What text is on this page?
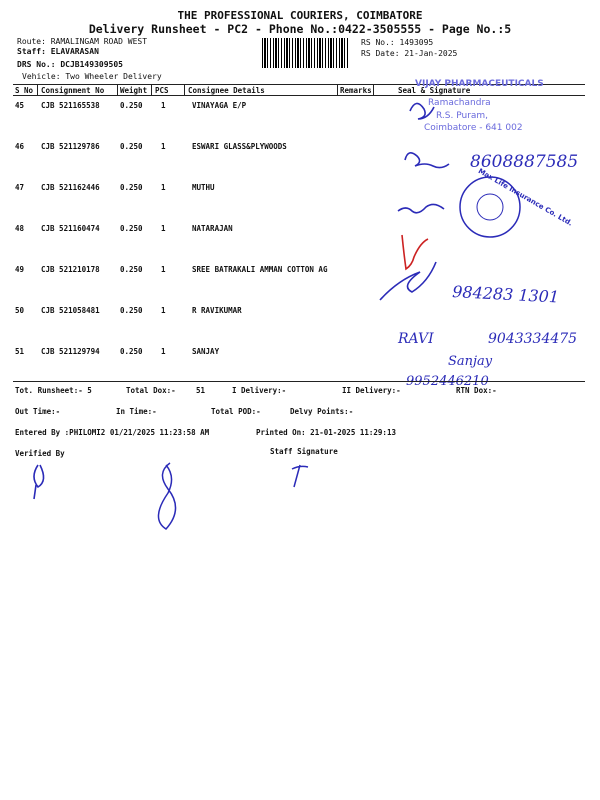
THE PROFESSIONAL COURIERS, COIMBATORE
Delivery Runsheet - PC2 - Phone No.:0422-3505555 - Page No.:5
Route: RAMALINGAM ROAD WEST
Staff: ELAVARASAN
DRS No.: DCJB149309505
Vehicle: Two Wheeler Delivery
RS No.: 1493095
RS Date: 21-Jan-2025
S No Consignment No Weight PCS	Consignee Details	Remarks	Seal & Signature
45 CJB 521165538	0.250 1	VINAYAGA E/P
46 CJB 521129786	0.250 1	ESWARI GLASS&PLYWOODS
47 CJB 521162446	0.250 1	MUTHU
48 CJB 521160474	0.250 1	NATARAJAN
49 CJB 521210178	0.250 1	SREE BATRAKALI AMMAN COTTON AG
50 CJB 521058481	0.250 1	R RAVIKUMAR
51 CJB 521129794	0.250 1	SANJAY
VIJAY PHARMACEUTICALS
Ramachandra
R.S. Puram,
Coimbatore - 641 002
8608887585
Max Life Insurance Co. Ltd.
984283 1301
RAVI	9043334475
Sanjay
9952446210
Tot. Runsheet:- 5	Total Dox:-	51	I Delivery:-	II Delivery:-	RTN Dox:-
Out Time:-	In Time:-	Total POD:-	Delvy Points:-
Entered By :PHILOMI2 01/21/2025 11:23:58 AM	Printed On: 21-01-2025 11:29:13
Verified By	Staff Signature
